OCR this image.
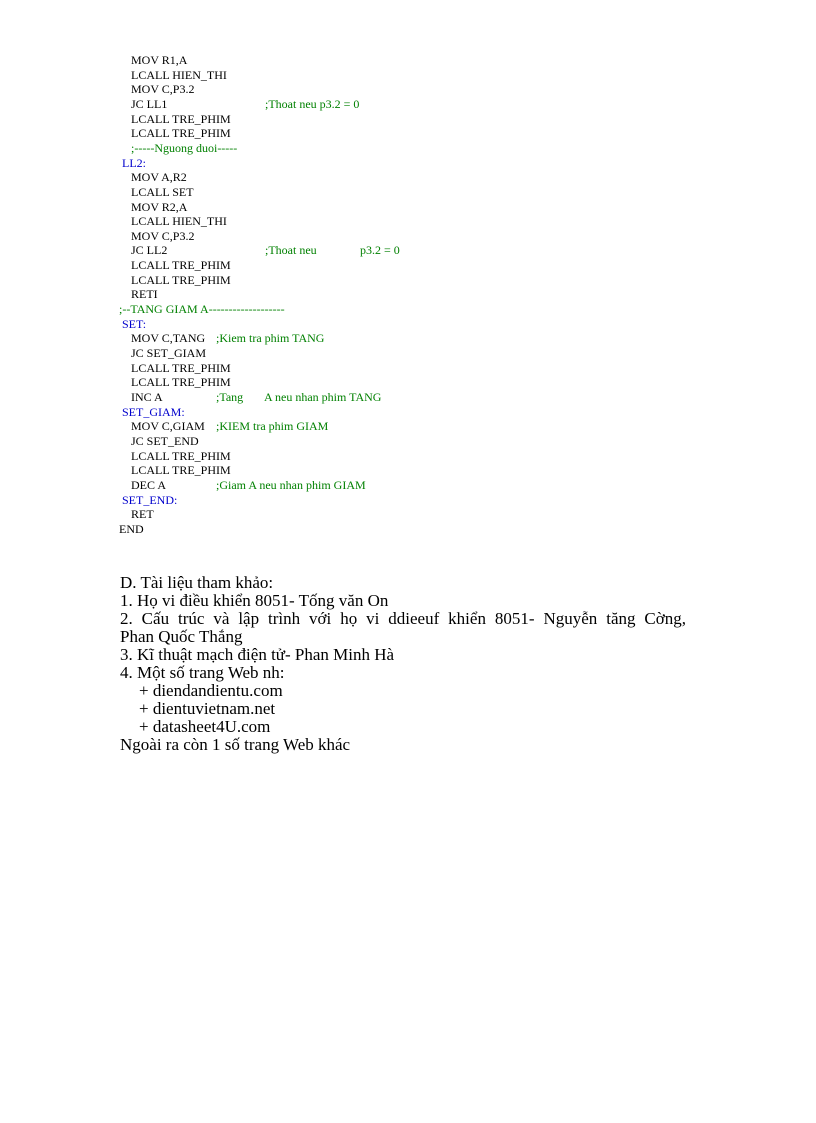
MOV R1,A
LCALL HIEN_THI
MOV C,P3.2
JC LL1	;Thoat neu p3.2 = 0
LCALL TRE_PHIM
LCALL TRE_PHIM
;-----Nguong duoi-----
LL2:
MOV A,R2
LCALL SET
MOV R2,A
LCALL HIEN_THI
MOV C,P3.2
JC LL2	;Thoat neu	p3.2 = 0
LCALL TRE_PHIM
LCALL TRE_PHIM
RETI
;--TANG GIAM A-------------------
SET:
MOV C,TANG ;Kiem tra phim TANG
JC SET_GIAM
LCALL TRE_PHIM
LCALL TRE_PHIM
INC A	;Tang A neu nhan phim TANG
SET_GIAM:
MOV C,GIAM ;KIEM tra phim GIAM
JC SET_END
LCALL TRE_PHIM
LCALL TRE_PHIM
DEC A	;Giam A neu nhan phim GIAM
SET_END:
RET
END
D. Tài liệu tham khảo:
1. Họ vi điều khiển 8051- Tống văn On
2. Cấu trúc và lập trình với họ vi ddieeuf khiển 8051- Nguyễn tăng Cờng,
Phan Quốc Thắng
3. Kĩ thuật mạch điện tử- Phan Minh Hà
4. Một số trang Web nh:
+ diendandientu.com
+ dientuvietnam.net
+ datasheet4U.com
Ngoài ra còn 1 số trang Web khác
